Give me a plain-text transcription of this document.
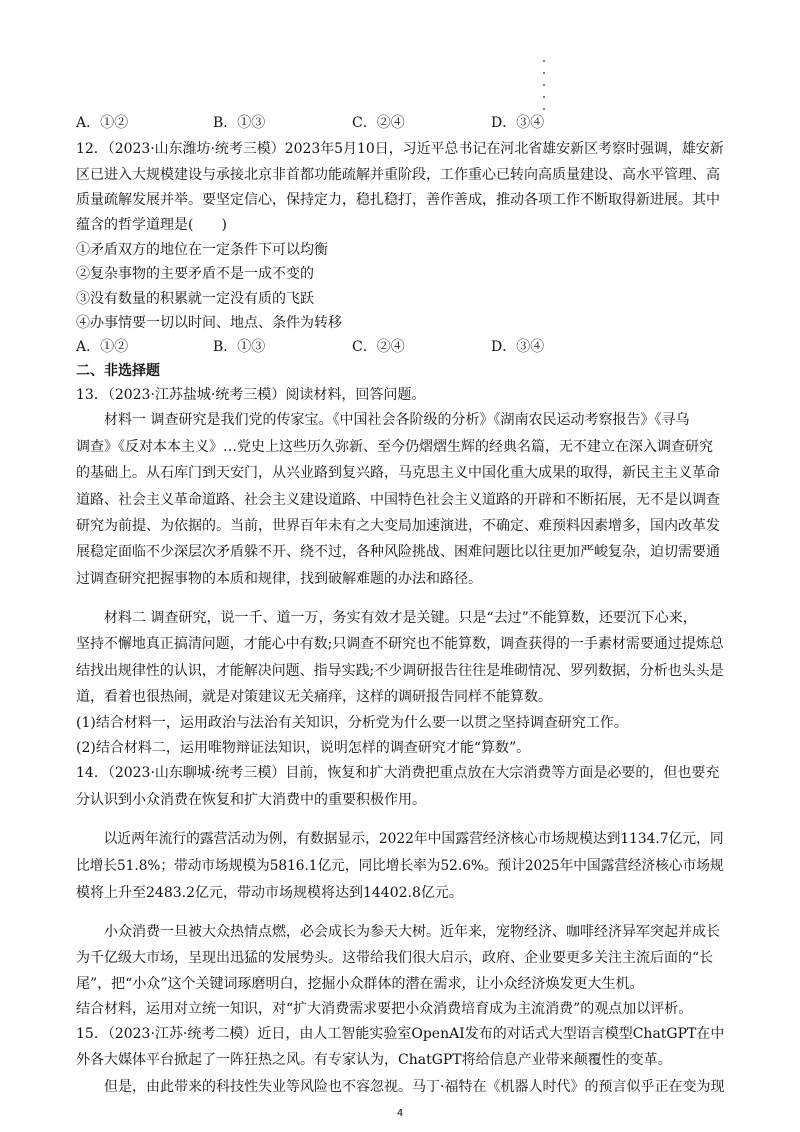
A．①②	B．①③	C．②④	D．③④
12．（2023·山东潍坊·统考三模）2023年5月10日，习近平总书记在河北省雄安新区考察时强调，雄安新
区已进入大规模建设与承接北京非首都功能疏解并重阶段，工作重心已转向高质量建设、高水平管理、高
质量疏解发展并举。要坚定信心，保持定力，稳扎稳打，善作善成，推动各项工作不断取得新进展。其中
蕴含的哲学道理是(　　)
①矛盾双方的地位在一定条件下可以均衡
②复杂事物的主要矛盾不是一成不变的
③没有数量的积累就一定没有质的飞跃
④办事情要一切以时间、地点、条件为转移
A．①②	B．①③	C．②④	D．③④
二、非选择题
13．（2023·江苏盐城·统考三模）阅读材料，回答问题。
　　材料一 调查研究是我们党的传家宝。《中国社会各阶级的分析》《湖南农民运动考察报告》《寻乌
调查》《反对本本主义》…党史上这些历久弥新、至今仍熠熠生辉的经典名篇，无不建立在深入调查研究
的基础上。从石库门到天安门，从兴业路到复兴路，马克思主义中国化重大成果的取得，新民主主义革命
道路、社会主义革命道路、社会主义建设道路、中国特色社会主义道路的开辟和不断拓展，无不是以调查
研究为前提、为依据的。当前，世界百年未有之大变局加速演进，不确定、难预料因素增多，国内改革发
展稳定面临不少深层次矛盾躲不开、绕不过，各种风险挑战、困难问题比以往更加严峻复杂，迫切需要通
过调查研究把握事物的本质和规律，找到破解难题的办法和路径。
　　材料二 调查研究，说一千、道一万，务实有效才是关键。只是“去过”不能算数，还要沉下心来，
坚持不懈地真正搞清问题，才能心中有数;只调查不研究也不能算数，调查获得的一手素材需要通过提炼总
结找出规律性的认识，才能解决问题、指导实践;不少调研报告往往是堆砌情况、罗列数据，分析也头头是
道，看着也很热闹，就是对策建议无关痛痒，这样的调研报告同样不能算数。
(1)结合材料一，运用政治与法治有关知识，分析党为什么要一以贯之坚持调查研究工作。
(2)结合材料二，运用唯物辩证法知识，说明怎样的调查研究才能“算数”。
14．（2023·山东聊城·统考三模）目前，恢复和扩大消费把重点放在大宗消费等方面是必要的，但也要充
分认识到小众消费在恢复和扩大消费中的重要积极作用。
　　以近两年流行的露营活动为例，有数据显示，2022年中国露营经济核心市场规模达到1134.7亿元，同
比增长51.8%；带动市场规模为5816.1亿元，同比增长率为52.6%。预计2025年中国露营经济核心市场规
模将上升至2483.2亿元，带动市场规模将达到14402.8亿元。
　　小众消费一旦被大众热情点燃，必会成长为参天大树。近年来，宠物经济、咖啡经济异军突起并成长
为千亿级大市场，呈现出迅猛的发展势头。这带给我们很大启示，政府、企业要更多关注主流后面的“长
尾”，把“小众”这个关键词琢磨明白，挖掘小众群体的潜在需求，让小众经济焕发更大生机。
结合材料，运用对立统一知识，对“扩大消费需求要把小众消费培育成为主流消费”的观点加以评析。
15．（2023·江苏·统考二模）近日，由人工智能实验室OpenAI发布的对话式大型语言模型ChatGPT在中
外各大媒体平台掀起了一阵狂热之风。有专家认为，ChatGPT将给信息产业带来颠覆性的变革。
　　但是，由此带来的科技性失业等风险也不容忽视。马丁·福特在《机器人时代》的预言似乎正在变为现
4
